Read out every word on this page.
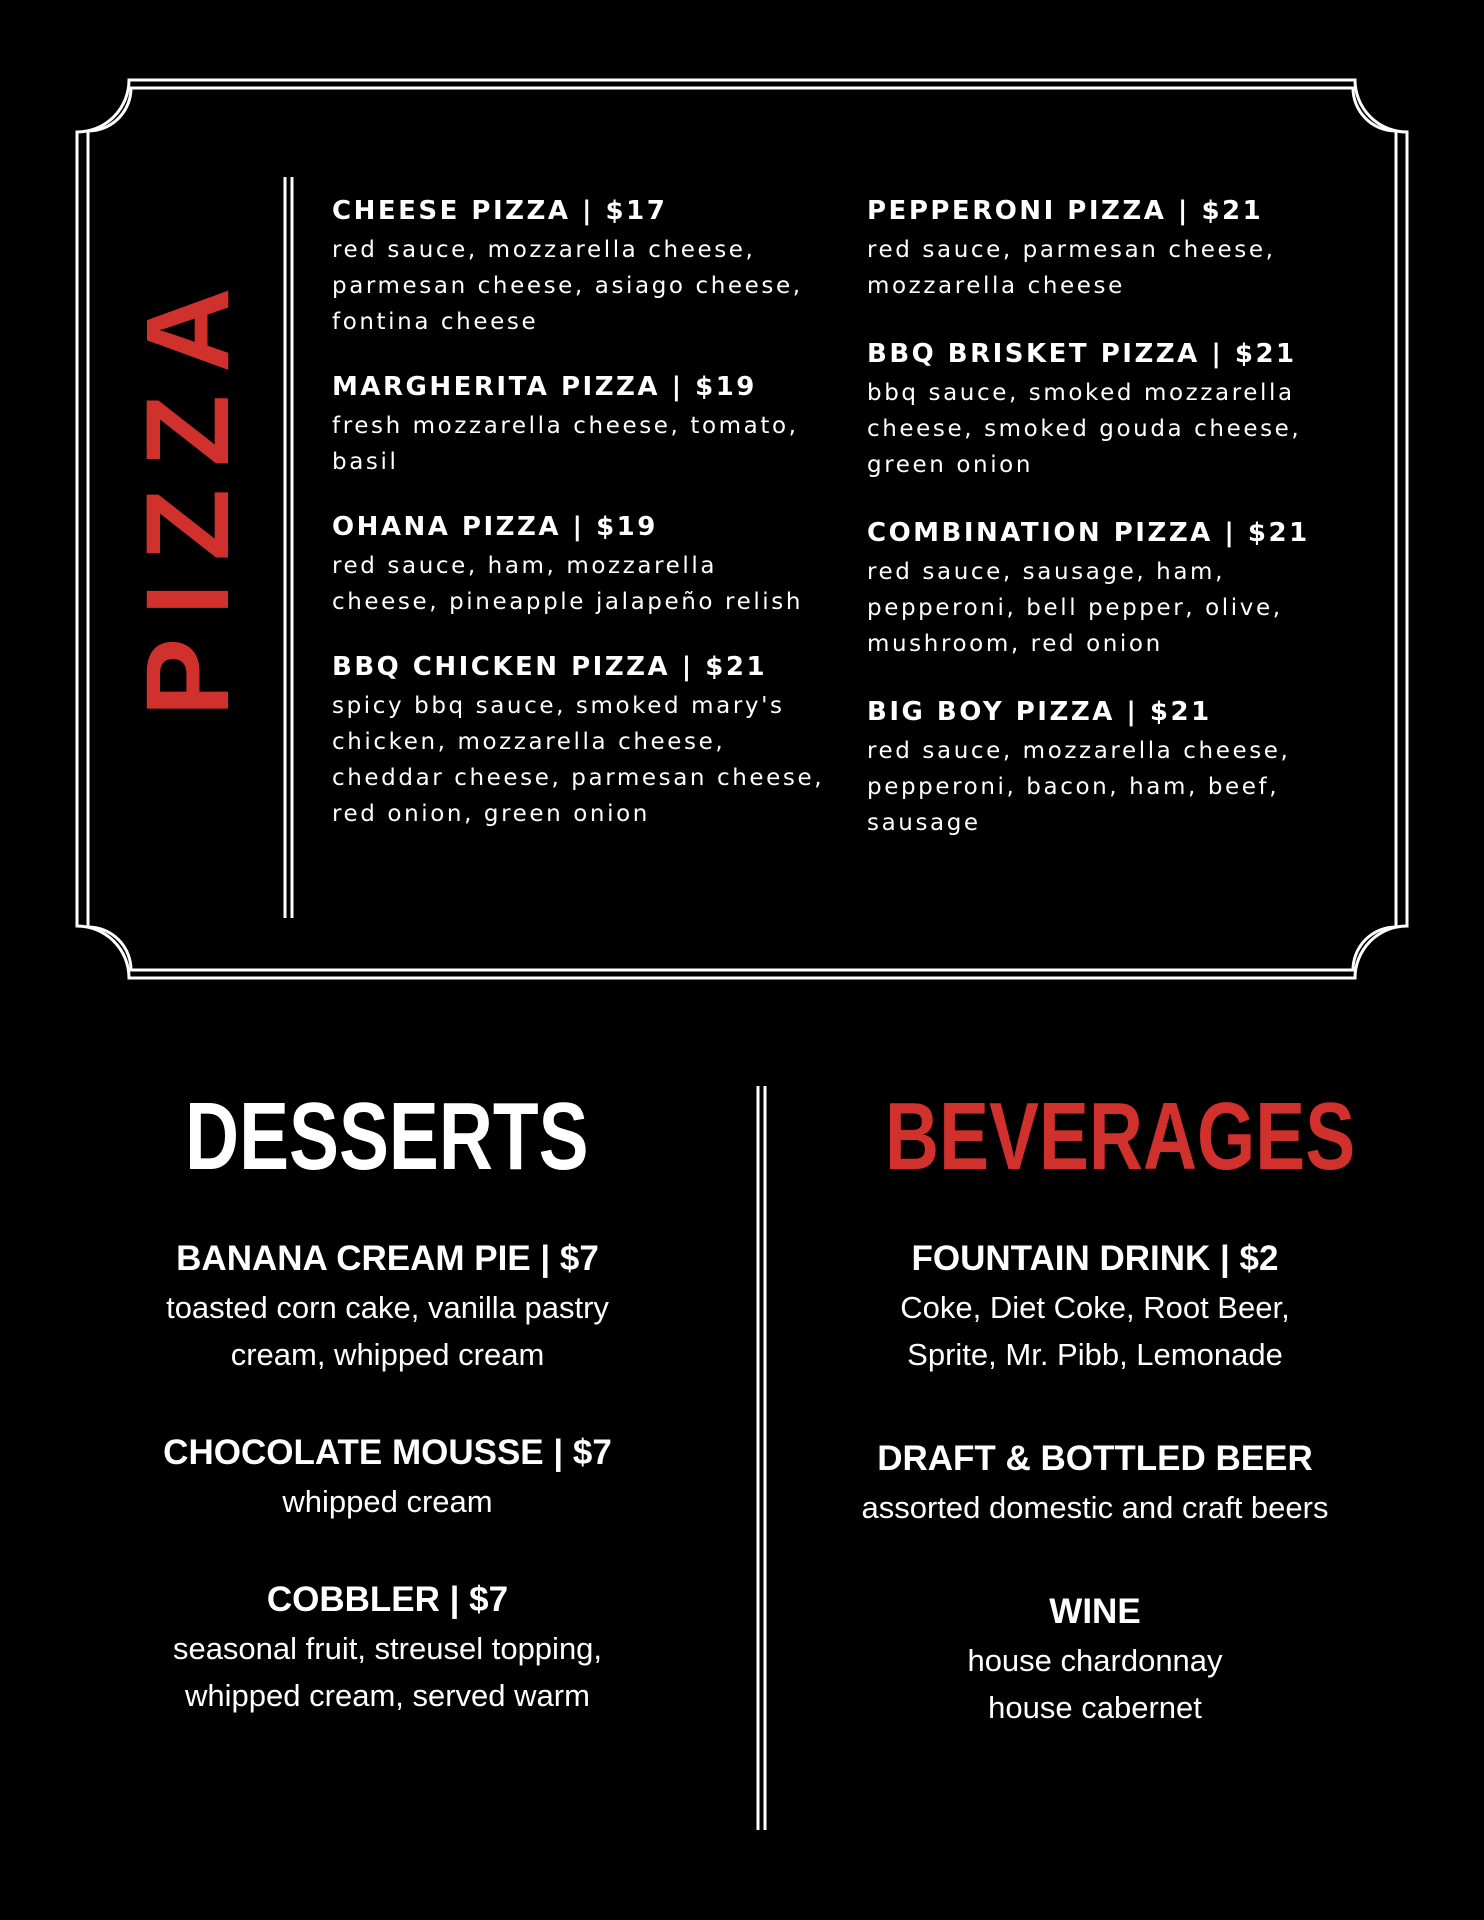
PIZZA
CHEESE PIZZA | $17
red sauce, mozzarella cheese,
parmesan cheese, asiago cheese,
fontina cheese
MARGHERITA PIZZA | $19
fresh mozzarella cheese, tomato,
basil
OHANA PIZZA | $19
red sauce, ham, mozzarella
cheese, pineapple jalapeño relish
BBQ CHICKEN PIZZA | $21
spicy bbq sauce, smoked mary's
chicken, mozzarella cheese,
cheddar cheese, parmesan cheese,
red onion, green onion
PEPPERONI PIZZA | $21
red sauce, parmesan cheese,
mozzarella cheese
BBQ BRISKET PIZZA | $21
bbq sauce, smoked mozzarella
cheese, smoked gouda cheese,
green onion
COMBINATION PIZZA | $21
red sauce, sausage, ham,
pepperoni, bell pepper, olive,
mushroom, red onion
BIG BOY PIZZA | $21
red sauce, mozzarella cheese,
pepperoni, bacon, ham, beef,
sausage
DESSERTS
BANANA CREAM PIE | $7
toasted corn cake, vanilla pastry
cream, whipped cream
CHOCOLATE MOUSSE | $7
whipped cream
COBBLER | $7
seasonal fruit, streusel topping,
whipped cream, served warm
BEVERAGES
FOUNTAIN DRINK | $2
Coke, Diet Coke, Root Beer,
Sprite, Mr. Pibb, Lemonade
DRAFT & BOTTLED BEER
assorted domestic and craft beers
WINE
house chardonnay
house cabernet
